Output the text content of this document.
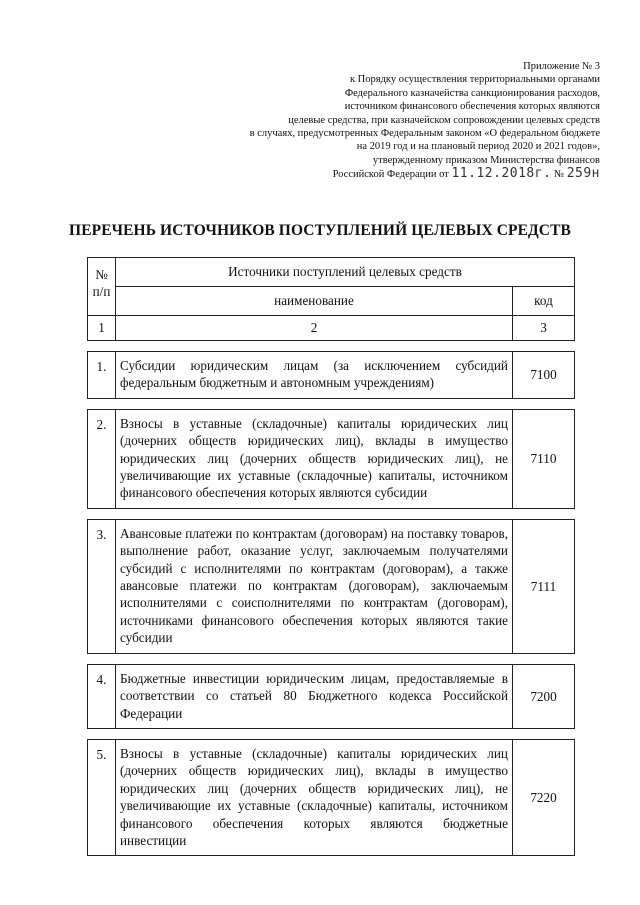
Приложение № 3
к Порядку осуществления территориальными органами
Федерального казначейства санкционирования расходов,
источником финансового обеспечения которых являются
целевые средства, при казначейском сопровождении целевых средств
в случаях, предусмотренных Федеральным законом «О федеральном бюджете
на 2019 год и на плановый период 2020 и 2021 годов»,
утвержденному приказом Министерства финансов
Российской Федерации от 11.12.2018г. № 259н
ПЕРЕЧЕНЬ ИСТОЧНИКОВ ПОСТУПЛЕНИЙ ЦЕЛЕВЫХ СРЕДСТВ
№
п/п	Источники поступлений целевых средств	
	наименование	код
1	2	3

1.	Субсидии юридическим лицам (за исключением субсидий федеральным бюджетным и автономным учреждениям)	7100

2.	Взносы в уставные (складочные) капиталы юридических лиц (дочерних обществ юридических лиц), вклады в имущество юридических лиц (дочерних обществ юридических лиц), не увеличивающие их уставные (складочные) капиталы, источником финансового обеспечения которых являются субсидии	7110

3.	Авансовые платежи по контрактам (договорам) на поставку товаров, выполнение работ, оказание услуг, заключаемым получателями субсидий с исполнителями по контрактам (договорам), а также авансовые платежи по контрактам (договорам), заключаемым исполнителями с соисполнителями по контрактам (договорам), источниками финансового обеспечения которых являются такие субсидии	7111

4.	Бюджетные инвестиции юридическим лицам, предоставляемые в соответствии со статьей 80 Бюджетного кодекса Российской Федерации	7200

5.	Взносы в уставные (складочные) капиталы юридических лиц (дочерних обществ юридических лиц), вклады в имущество юридических лиц (дочерних обществ юридических лиц), не увеличивающие их уставные (складочные) капиталы, источником финансового обеспечения которых являются бюджетные инвестиции	7220
